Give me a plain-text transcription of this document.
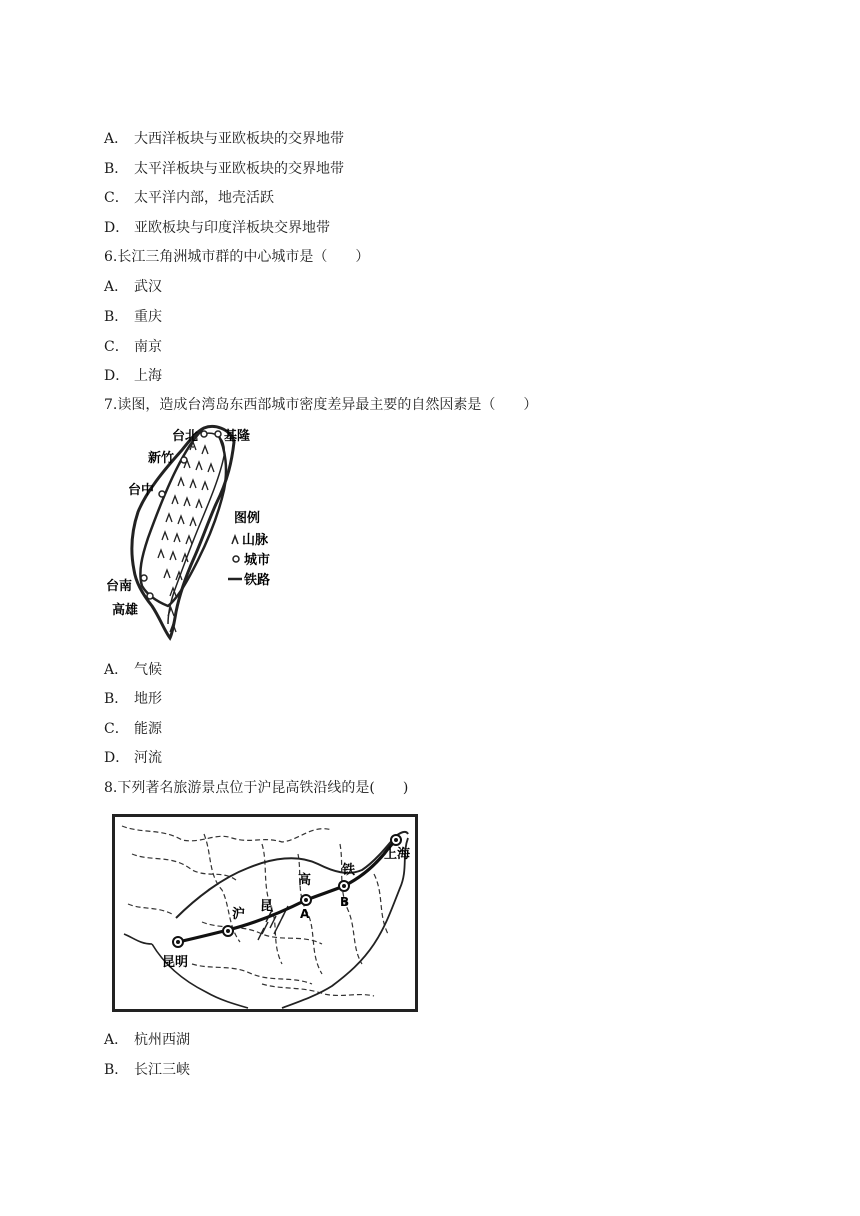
A． 大西洋板块与亚欧板块的交界地带
B． 太平洋板块与亚欧板块的交界地带
C． 太平洋内部，地壳活跃
D． 亚欧板块与印度洋板块交界地带
6.长江三角洲城市群的中心城市是（　　）
A． 武汉
B． 重庆
C． 南京
D． 上海
7.读图，造成台湾岛东西部城市密度差异最主要的自然因素是（　　）
台北 基隆
新竹
台中
台南
高雄
图例
山脉
城市
铁路
A． 气候
B． 地形
C． 能源
D． 河流
8.下列著名旅游景点位于沪昆高铁沿线的是(　　)
上海
昆明
沪
昆
高
铁
A
B
A． 杭州西湖
B． 长江三峡
